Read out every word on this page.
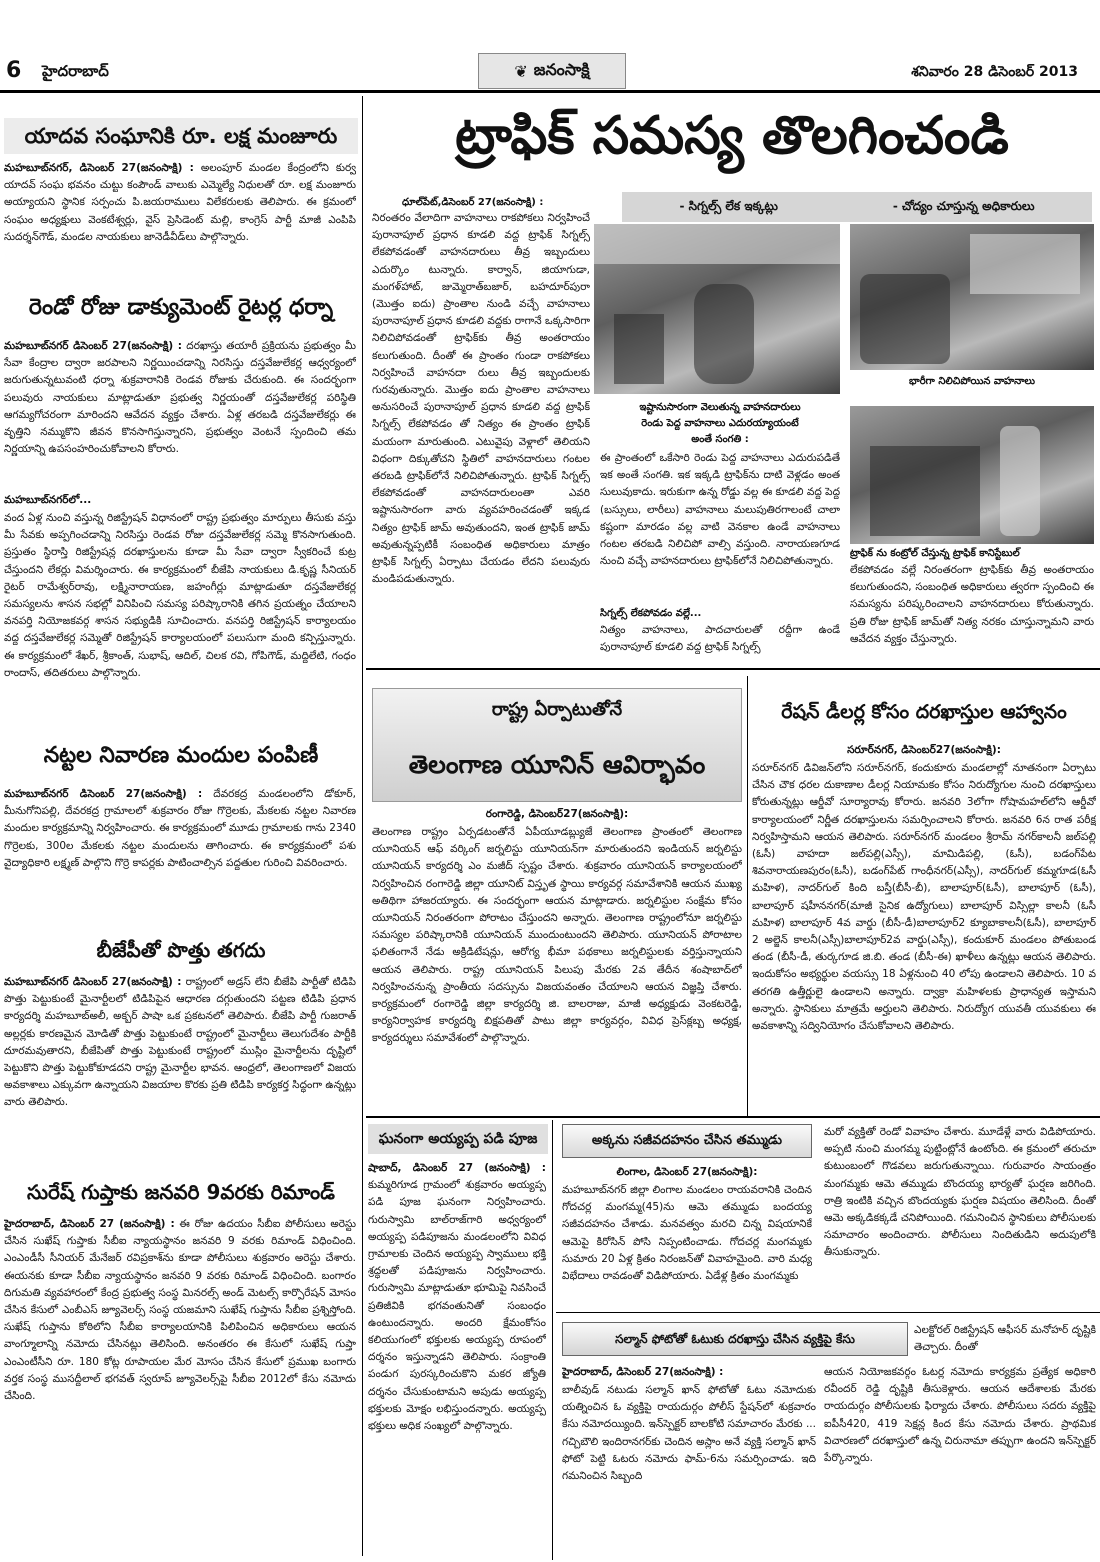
6 హైదరాబాద్	❦ జనంసాక్షి	శనివారం 28 డిసెంబర్ 2013
యాదవ సంఘానికి రూ. లక్ష మంజూరు
మహబూబ్‌నగర్, డిసెంబర్ 27(జనంసాక్షి) : అలంపూర్ మండల కేంద్రంలోని కుర్వ యాదవ్ సంఘ భవనం చుట్టు కంపౌండ్ వాలుకు ఎమ్మెల్యే నిధులతో రూ. లక్ష మంజూరు అయ్యాయని స్థానిక సర్పంచు పి.జయరాములు విలేకరులకు తెలిపారు. ఈ క్రమంలో సంఘం అధ్యక్షులు వెంకటేశ్వర్లు, వైస్ ప్రెసిడెంట్ మల్లి, కాంగ్రెస్ పార్టీ మాజీ ఎంపిపి సుదర్శన్‌గౌడ్, మండల నాయకులు జానెడీవీడ్‌లు పాల్గొన్నారు.
రెండో రోజు డాక్యుమెంట్ రైటర్ల ధర్నా
మహబూబ్‌నగర్ డిసెంబర్ 27(జనంసాక్షి) : దరఖాస్తు తయారీ ప్రక్రియను ప్రభుత్వం మీ సేవా కేంద్రాల ద్వారా జరపాలని నిర్ణయించడాన్ని నిరసిస్తు దస్తవేజులేకర్ల ఆధ్వర్యంలో జరుగుతున్నటువంటి ధర్నా శుక్రవారానికి రెండవ రోజుకు చేరుకుంది. ఈ సందర్భంగా పలువురు నాయకులు మాట్లాడుతూ ప్రభుత్వ నిర్ణయంతో దస్తవేజులేకర్ల పరిస్థితి ఆగమ్యగోచరంగా మారిందని ఆవేదన వ్యక్తం చేశారు. ఏళ్ల తరబడి దస్తవేజులేకర్లు ఈ వృత్తిని నమ్ముకొని జీవన కొనసాగిస్తున్నారని, ప్రభుత్వం వెంటనే స్పందించి తమ నిర్ణయాన్ని ఉపసంహరించుకోవాలని కోరారు.
మహబూబ్‌నగర్‌లో...
వంద ఏళ్ల నుంచి వస్తున్న రిజిస్ట్రేషన్ విధానంలో రాష్ట్ర ప్రభుత్వం మార్పులు తీసుకు వస్తు మీ సేవకు అప్పగించడాన్ని నిరసిస్తు రెండవ రోజు దస్తవేజులేకర్ల సమ్మె కొనసాగుతుంది. ప్రస్తుతం స్థిరాస్తి రిజిస్ట్రేషన్ల దరఖాస్తులను కూడా మీ సేవా ద్వారా స్వీకరించే కుట్ర చేస్తుందని లేకర్లు విమర్శించారు. ఈ కార్యక్రమంలో బీజేపి నాయకులు డి.కృష్ణ సీనియర్ రైటర్ రామేశ్వర్‌రావు, లక్ష్మినారాయణ, జహంగీర్లు మాట్లాడుతూ దస్తవేజులేకర్ల సమస్యలను శాసన సభల్లో వినిపించి సమస్య పరిష్కారానికి తగిన ప్రయత్నం చేయాలని వనపర్తి నియోజకవర్గ శాసన సభ్యుడికి సూచించారు. వనపర్తి రిజిస్ట్రేషన్ కార్యాలయం వద్ద దస్తవేజులేకర్ల సమ్మెతో రిజిస్ట్రేషన్ కార్యాలయంలో పలుసుగా మంది కన్పిస్తున్నారు. ఈ కార్యక్రమంలో శేఖర్, శ్రీకాంత్, సుభాష్, ఆదిల్, చిలక రవి, గోపిగౌడ్, మద్దిలేటి, గంధం రాందాస్, తదితరులు పాల్గొన్నారు.
నట్టల నివారణ మందుల పంపిణీ
మహబూబ్‌నగర్ డిసెంబర్ 27(జనంసాక్షి) : దేవరకద్ర మండలంలోని డోకూర్, మీనుగోనిపల్లి, దేవరకద్ర గ్రామాలలో శుక్రవారం రోజు గొర్రెలకు, మేకలకు నట్టల నివారణ మందుల కార్యక్రమాన్ని నిర్వహించారు. ఈ కార్యక్రమంలో మూడు గ్రామాలకు గాను 2340 గొర్రెలకు, 300ల మేకలకు నట్టల మందులను తాగించారు. ఈ కార్యక్రమంలో పశు వైద్యాధికారి లక్ష్మణ్ పాల్గొని గొర్రె కాపర్లకు పాటించాల్సిన పద్దతుల గురించి వివరించారు.
బీజేపీతో పొత్తు తగదు
మహబూబ్‌నగర్ డిసెంబర్ 27(జనంసాక్షి) : రాష్ట్రంలో అడ్రస్ లేని బీజేపి పార్టీతో టిడిపి పొత్తు పెట్టుకుంటే మైనార్టీలలో టిడిపిపైన ఆధారణ దగ్గుతుందని పట్టణ టిడిపి ప్రధాన కార్యదర్శి మహబూబ్‌అలీ, అక్బర్ పాషా ఒక ప్రకటనలో తెలిపారు. బీజేపి పార్టీ గుజరాత్ అల్లర్లకు కారణమైన మోడితో పొత్తు పెట్టుకుంటే రాష్ట్రంలో మైనార్టీలు తెలుగుదేశం పార్టీకి దూరమవుతారని, బీజేపితో పొత్తు పెట్టుకుంటే రాష్ట్రంలో ముస్లిం మైనార్టీలను దృష్టిలో పెట్టుకొని పొత్తు పెట్టుకోకూడదని రాష్ట్ర మైనార్టీల భావన. ఆంధ్రలో, తెలంగాణలో విజయ అవకాశాలు ఎక్కువగా ఉన్నాయని విజయాల కొరకు ప్రతి టిడిపి కార్యకర్త సిద్ధంగా ఉన్నట్లు వారు తెలిపారు.
సురేష్ గుప్తాకు జనవరి 9వరకు రిమాండ్
హైదరాబాద్, డిసెంబర్ 27 (జనంసాక్షి) : ఈ రోజు ఉదయం సీబీఐ పోలీసులు అరెస్టు చేసిన సుఖేష్ గుప్తాకు సీబీఐ న్యాయస్థానం జనవరి 9 వరకు రిమాండ్ విధించింది. ఎంఎండీసీ సీనియర్ మేనేజర్ రవిప్రకాశ్‌ను కూడా పోలీసులు శుక్రవారం అరెస్టు చేశారు. ఈయనకు కూడా సీబీఐ న్యాయస్థానం జనవరి 9 వరకు రిమాండ్ విధించింది. బంగారం దిగుమతి వ్యవహారంలో కేంద్ర ప్రభుత్వ సంస్థ మినరల్స్ అండ్ మెటల్స్ కార్పొరేషన్ మోసం చేసిన కేసులో ఎంబీఎస్ జ్యూవెలర్స్ సంస్థ యజమాని సుఖేష్ గుప్తాను సీబీఐ ప్రశ్నిస్తోంది. సుఖేష్ గుప్తాను కోఠిలోని సీబీఐ కార్యాలయానికి పిలిపించిన అధికారులు ఆయన వాంగ్మూలాన్ని నమోదు చేసినట్లు తెలిసింది. అనంతరం ఈ కేసులో సుఖేష్ గుప్తా ఎంఎంటీసీని రూ. 180 కోట్ల రూపాయల మేర మోసం చేసిన కేసులో ప్రముఖ బంగారు వర్తక సంస్థ ముసద్దీలాల్ భగవత్ స్వరూప్ జ్యూవెలర్స్‌పై సీబీఐ 2012లో కేసు నమోదు చేసింది.
ట్రాఫిక్ సమస్య తొలగించండి
ధూల్‌పేట్,డిసెంబర్ 27(జనంసాక్షి) :
నిరంతరం వేలాదిగా వాహనాలు రాకపోకలు నిర్వహించే పురానాపూల్ ప్రధాన కూడలి వద్ద ట్రాఫిక్ సిగ్నల్స్ లేకపోవడంతో వాహనదారులు తీవ్ర ఇబ్బందులు ఎదుర్కొం టున్నారు. కార్వాన్, జియాగుడా, మంగళ్‌హాట్, జుమ్మెరాత్‌బజార్, బహదూర్‌పురా (మొత్తం ఐదు) ప్రాంతాల నుండి వచ్చే వాహనాలు పురానాపూల్ ప్రధాన కూడలి వద్దకు రాగానే ఒక్కసారిగా నిలిచిపోవడంతో ట్రాఫిక్‌కు తీవ్ర అంతరాయం కలుగుతుంది. దీంతో ఈ ప్రాంతం గుండా రాకపోకలు నిర్వహించే వాహనదా రులు తీవ్ర ఇబ్బందులకు గురవుతున్నారు. మొత్తం ఐదు ప్రాంతాల వాహనాలు అనుసరించే పురానాపూల్ ప్రధాన కూడలి వద్ద ట్రాఫిక్ సిగ్నల్స్ లేకపోవడం తో నిత్యం ఈ ప్రాంతం ట్రాఫిక్ మయంగా మారుతుంది. ఎటువైపు వెళ్లాలో తెలియని విధంగా దిక్కుతోచని స్థితిలో వాహనదారులు గంటల తరబడి ట్రాఫిక్‌లోనే నిలిచిపోతున్నారు. ట్రాఫిక్ సిగ్నల్స్ లేకపోవడంతో వాహనదారులంతా ఎవరి ఇష్టానుసారంగా వారు వ్యవహరించడంతో ఇక్కడ నిత్యం ట్రాఫిక్ జామ్ అవుతుందని, ఇంత ట్రాఫిక్ జామ్ అవుతున్నప్పటికీ సంబంధిత అధికారులు మాత్రం ట్రాఫిక్ సిగ్నల్స్ ఏర్పాటు చేయడం లేదని పలువురు మండిపడుతున్నారు.
- సిగ్నల్స్ లేక ఇక్కట్లు	- చోద్యం చూస్తున్న అధికారులు
భారీగా నిలిచిపోయిన వాహనాలు
ఇష్టానుసారంగా వెలుతున్న వాహనదారులు
రెండు పెద్ద వాహనాలు ఎదురయ్యాయంటే
అంతే సంగతి :
ఈ ప్రాంతంలో ఒకేసారి రెండు పెద్ద వాహనాలు ఎదురుపడితే ఇక అంతే సంగతి. ఇక ఇక్కడి ట్రాఫిక్‌ను దాటి వెళ్లడం అంత సులువుకాదు. ఇరుకుగా ఉన్న రోడ్డు వల్ల ఈ కూడలి వద్ద పెద్ద (బస్సులు, లారీలు) వాహనాలు మలుపుతిరగాలంటే చాలా కష్టంగా మారడం వల్ల వాటి వెనకాల ఉండే వాహనాలు గంటల తరబడి నిలిచిపో వాల్సి వస్తుంది. నారాయణగూడ నుంచి వచ్చే వాహనదారులు ట్రాఫిక్‌లోనే నిలిచిపోతున్నారు.
సిగ్నల్స్ లేకపోవడం వల్లే...
నిత్యం వాహనాలు, పాదచారులతో రద్దీగా ఉండే పురానాపూల్ కూడలి వద్ద ట్రాఫిక్ సిగ్నల్స్
ట్రాఫిక్ ను కంట్రోల్ చేస్తున్న ట్రాఫిక్ కానిస్టేబుల్
లేకపోవడం వల్లే నిరంతరంగా ట్రాఫిక్‌కు తీవ్ర అంతరాయం కలుగుతుందని, సంబంధిత అధికారులు త్వరగా స్పందించి ఈ సమస్యను పరిష్కరించాలని వాహనదారులు కోరుతున్నారు. ప్రతి రోజు ట్రాఫిక్ జామ్‌తో నిత్య నరకం చూస్తున్నామని వారు ఆవేదన వ్యక్తం చేస్తున్నారు.
రాష్ట్ర ఏర్పాటుతోనే
తెలంగాణ యూనిన్ ఆవిర్భావం
రంగారెడ్డి, డిసెంబర్27(జనంసాక్షి):
తెలంగాణ రాష్ట్రం ఏర్పడటంతోనే ఏపీయూడబ్ల్యుజే తెలంగాణ ప్రాంతంలో తెలంగాణ యూనియన్ ఆఫ్ వర్కింగ్ జర్నలిస్టు యూనియన్‌గా మారుతుందని ఇండియన్ జర్నలిస్టు యూనియన్ కార్యదర్శి ఎం మజీద్ స్పష్టం చేశారు. శుక్రవారం యూనియన్ కార్యాలయంలో నిర్వహించిన రంగారెడ్డి జిల్లా యూనిట్ విస్తృత స్థాయి కార్యవర్గ సమావేశానికి ఆయన ముఖ్య అతిథిగా హాజరయ్యారు. ఈ సందర్భంగా ఆయన మాట్లాడారు. జర్నలిస్టుల సంక్షేమ కోసం యూనియన్ నిరంతరంగా పోరాటం చేస్తుందని అన్నారు. తెలంగాణ రాష్ట్రంలోనూ జర్నలిస్టు సమస్యల పరిష్కారానికి యూనియన్ ముందుంటుందని తెలిపారు. యూనియన్ పోరాటాల ఫలితంగానే నేడు అక్రిడిటేషన్లు, ఆరోగ్య భీమా పథకాలు జర్నలిస్టులకు వర్తిస్తున్నాయని ఆయన తెలిపారు. రాష్ట్ర యూనియన్ పిలుపు మేరకు 2వ తేదీన శంషాబాద్‌లో నిర్వహించనున్న ప్రాంతీయ సదస్సును విజయవంతం చేయాలని ఆయన విజ్ఞప్తి చేశారు. కార్యక్రమంలో రంగారెడ్డి జిల్లా కార్యదర్శి జి. బాలరాజు, మాజీ అధ్యక్షుడు వెంకటరెడ్డి, కార్యనిర్వాహక కార్యదర్శి బిక్షపతితో పాటు జిల్లా కార్యవర్గం, వివిధ ప్రెస్‌క్లబ్బ అధ్యక్ష, కార్యదర్శులు సమావేశంలో పాల్గొన్నారు.
రేషన్ డీలర్ల కోసం దరఖాస్తుల ఆహ్వానం
సరూర్‌నగర్, డిసెంబర్27(జనంసాక్షి):
సరూర్‌నగర్ డివిజన్‌లోని సరూర్‌నగర్, కందుకూరు మండలాల్లో నూతనంగా ఏర్పాటు చేసిన చౌక ధరల దుకాణాల డీలర్ల నియామకం కోసం నిరుద్యోగుల నుంచి దరఖాస్తులు కోరుతున్నట్లు ఆర్డీవో సూర్యారావు కోరారు. జనవరి 3లోగా గోషామహల్‌లోని ఆర్డీవో కార్యాలయంలో నిర్ణీత దరఖాస్తులను సమర్పించాలని కోరారు. జనవరి 6న రాత పరీక్ష నిర్వహిస్తామని ఆయన తెలిపారు. సరూర్‌నగర్ మండలం శ్రీరామ్ నగర్‌కాలనీ జల్‌పల్లి (ఓసీ) వాహదా జల్‌పల్లి(ఎస్సీ), మామిడిపల్లి, (ఓసీ), బడంగ్‌పేట శివనారాయణపురం(ఓసీ), బడంగ్‌పేట్ గాంధీనగర్(ఎస్సీ), నాదర్‌గుల్ కమ్మగూడ(ఓసీ మహిళ), నాదర్‌గుల్ కింది బస్తీ(బీసీ-బీ), బాలాపూర్(ఓసీ), బాలాపూర్ (ఓసీ), బాలాపూర్ షహీననగర్(మాజీ సైనిక ఉద్యోగులు) బాలాపూర్ విస్సిల్లా కాలనీ (ఓసీ మహిళ) బాలాపూర్ 4వ వార్డు (బీసీ-డీ)బాలాపూర్2 క్యూబాకాలనీ(ఓసీ), బాలాపూర్ 2 అల్జెన్ కాలనీ(ఎస్సీ)బాలాపూర్2వ వార్డు(ఎస్సీ), కందుకూర్ మండలం పోతుబండ తండ (బీసీ-డీ, తుర్కగూడ జి.బి. తండ (బీసీ-ఈ) ఖాళీలు ఉన్నట్లు ఆయన తెలిపారు. ఇందుకోసం అభ్యర్థుల వయస్సు 18 ఏళ్లనుంచి 40 లోపు ఉండాలని తెలిపారు. 10 వ తరగతి ఉత్తీర్ణులై ఉండాలని అన్నారు. ద్వాక్రా మహిళలకు ప్రాధాన్యత ఇస్తామని అన్నారు. స్థానికులు మాత్రమే అర్హులని తెలిపారు. నిరుద్యోగ యువతీ యువకులు ఈ అవకాశాన్ని సద్వినియోగం చేసుకోవాలని తెలిపారు.
ఘనంగా అయ్యప్ప పడి పూజ
షాబాద్, డిసెంబర్ 27 (జనంసాక్షి) : కుమ్మరిగూడ గ్రామంలో శుక్రవారం అయ్యప్ప పడి పూజ ఘనంగా నిర్వహించారు. గురుస్వామి బాల్‌రాజ్‌గారి అధ్వర్యంలో అయ్యప్ప పడిపూజను మండలంలోని వివిధ గ్రామాలకు చెందిన అయ్యప్ప స్వాములు భక్తి శ్రద్ధలతో పడిపూజను నిర్వహించారు. గురుస్వామి మాట్లాడుతూ భూమిపై నివసించే ప్రతిజీవికి భగవంతునితో సంబంధం ఉంటుందన్నారు. అందరి క్షేమంకోసం కలియుగంలో భక్తులకు అయ్యప్ప రూపంలో దర్శనం ఇస్తున్నాడని తెలిపారు. సంక్రాంతి పండుగ పురస్కరించుకొని మకర జ్యోతి దర్శనం చేసుకుంటామని అపుడు అయ్యప్ప భక్తులకు మోక్షం లభిస్తుందన్నారు. అయ్యప్ప భక్తులు అధిక సంఖ్యలో పాల్గొన్నారు.
అక్కను సజీవదహనం చేసిన తమ్ముడు
లింగాల, డిసెంబర్ 27(జనంసాక్షి):
మహబూబ్‌నగర్ జిల్లా లింగాల మండలం రాయవరానికి చెందిన గోదచర్ల మంగమ్మ(45)ను ఆమె తమ్ముడు బందయ్య సజీవదహనం చేశాడు. మనవత్వం మరచి చిన్న విషయానికే ఆమెపై కిరోసిన్ పోసి నిప్పంటించాడు. గోదచర్ల మంగమ్మకు సుమారు 20 ఏళ్ల క్రితం నిరంజన్‌తో వివాహమైంది. వారి మధ్య విభేదాలు రావడంతో విడిపోయారు. ఏడేళ్ల క్రితం మంగమ్మకు
మరో వ్యక్తితో రెండో వివాహం చేశారు. మూడేళ్లే వారు విడిపోయారు. అప్పటి నుంచి మంగమ్మ పుట్టింట్లోనే ఉంటోంది. ఈ క్రమంలో తరుచూ కుటుంబంలో గొడవలు జరుగుతున్నాయి. గురువారం సాయంత్రం మంగమ్మకు ఆమె తమ్ముడు బొందయ్య భార్యతో ఘర్షణ జరిగింది. రాత్రి ఇంటికి వచ్చిన బొందయ్యకు ఘర్షణ విషయం తెలిసింది. దీంతో ఆమె అక్కడికక్కడే చనిపోయింది. గమనించిన స్థానికులు పోలీసులకు సమాచారం అందించారు. పోలీసులు నిందితుడిని అదుపులోకి తీసుకున్నారు.
సల్మాన్ ఫోటోతో ఓటుకు దరఖాస్తు చేసిన వ్యక్తిపై కేసు
ఎలక్టోరల్ రిజిస్ట్రేషన్ ఆఫీసర్ మనోహర్ దృష్టికి తెచ్చారు. దీంతో
హైదరాబాద్, డిసెంబర్ 27(జనంసాక్షి) :
బాలీవుడ్ నటుడు సల్మాన్ ఖాన్ ఫోటోతో ఓటు నమోదుకు యత్నించిన ఓ వ్యక్తిపై రాయదుర్గం పోలీస్ స్టేషన్‌లో శుక్రవారం కేసు నమోదయ్యింది. ఇన్‌స్పెక్టర్ బాలకోటి సమాచారం మేరకు ... గచ్చిబౌలి ఇందిరానగర్‌కు చెందిన అస్లాం అనే వ్యక్తి సల్మాన్ ఖాన్ ఫోటో పెట్టి ఓటరు నమోదు ఫామ్-6ను సమర్పించాడు. ఇది గమనించిన సిబ్బంది
ఆయన నియోజకవర్గం ఓటర్ల నమోదు కార్యక్రమ ప్రత్యేక అధికారి రవీందర్ రెడ్డి దృష్టికి తీసుకెళ్లారు. ఆయన ఆదేశాలకు మేరకు రాయదుర్గం పోలీసులకు ఫిర్యాదు చేశారు. పోలీసులు సదరు వ్యక్తిపై ఐపీసీ420, 419 సెక్షన్ల కింద కేసు నమోదు చేశారు. ప్రాథమిక విచారణలో దరఖాస్తులో ఉన్న చిరునామా తప్పుగా ఉందని ఇన్‌స్పెక్టర్ పేర్కొన్నారు.
